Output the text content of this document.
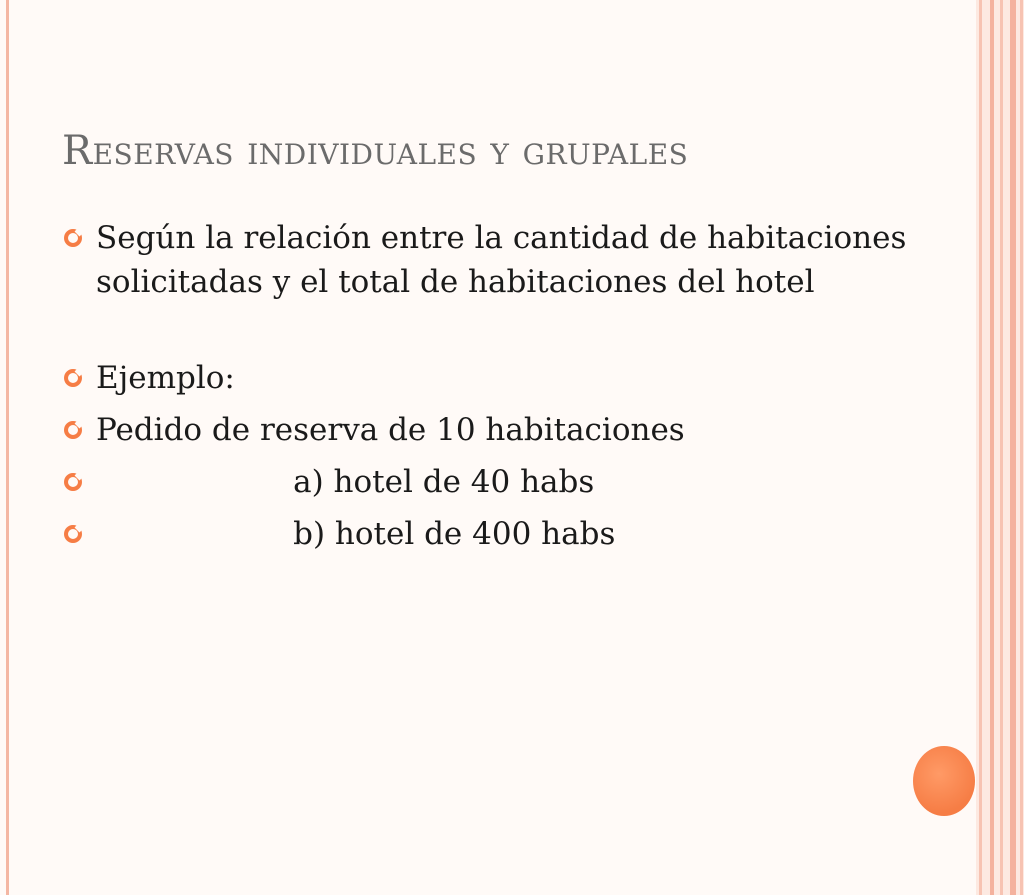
Reservas individuales y grupales
Según la relación entre la cantidad de habitaciones solicitadas y el total de habitaciones del hotel
Ejemplo:
Pedido de reserva de 10 habitaciones
a) hotel de 40 habs
b) hotel de 400 habs
